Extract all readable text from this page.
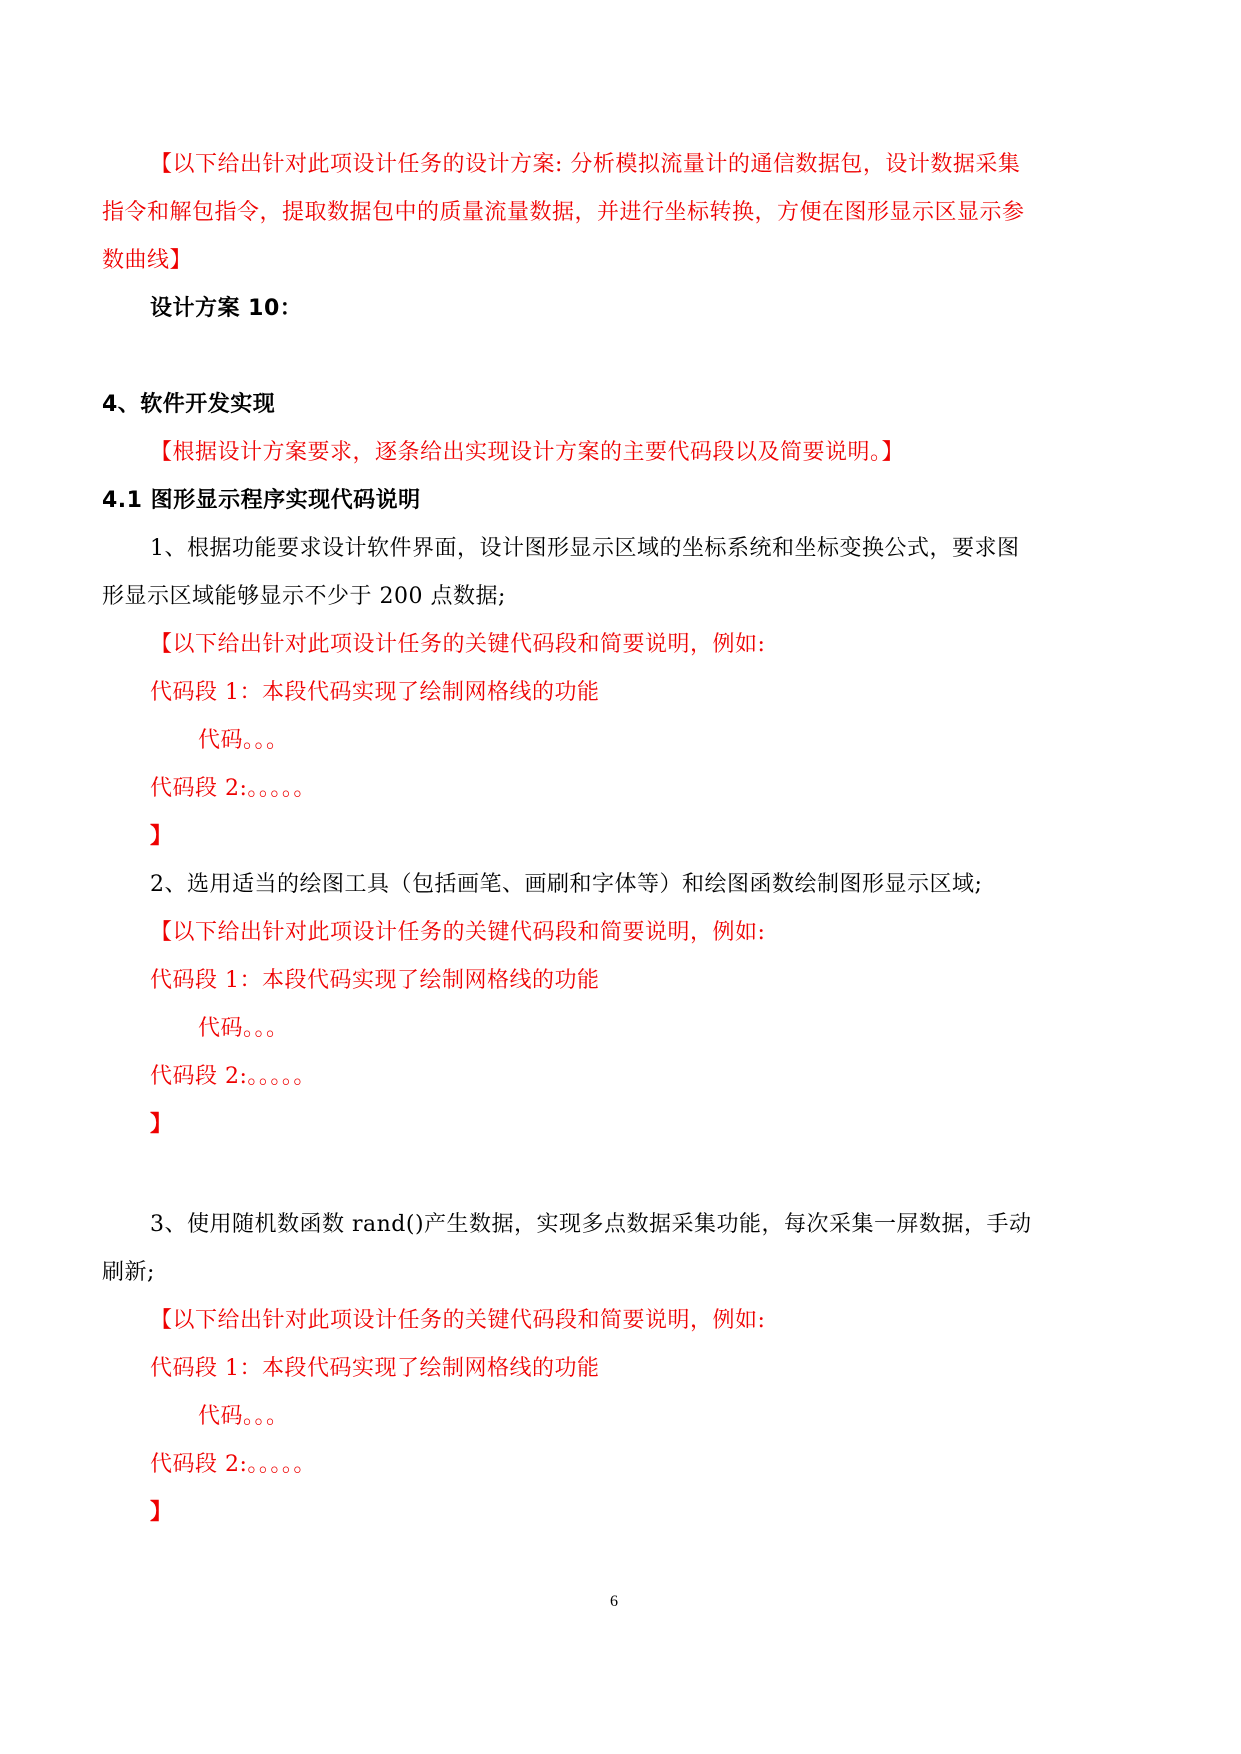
【以下给出针对此项设计任务的设计方案: 分析模拟流量计的通信数据包，设计数据采集
指令和解包指令，提取数据包中的质量流量数据，并进行坐标转换，方便在图形显示区显示参
数曲线】
设计方案 10：
4、软件开发实现
【根据设计方案要求，逐条给出实现设计方案的主要代码段以及简要说明。】
4.1 图形显示程序实现代码说明
1、根据功能要求设计软件界面，设计图形显示区域的坐标系统和坐标变换公式，要求图
形显示区域能够显示不少于 200 点数据;
【以下给出针对此项设计任务的关键代码段和简要说明，例如:
代码段 1：本段代码实现了绘制网格线的功能
代码。。。
代码段 2:。。。。。
】
2、选用适当的绘图工具（包括画笔、画刷和字体等）和绘图函数绘制图形显示区域;
【以下给出针对此项设计任务的关键代码段和简要说明，例如:
代码段 1：本段代码实现了绘制网格线的功能
代码。。。
代码段 2:。。。。。
】
3、使用随机数函数 rand()产生数据，实现多点数据采集功能，每次采集一屏数据，手动
刷新;
【以下给出针对此项设计任务的关键代码段和简要说明，例如:
代码段 1：本段代码实现了绘制网格线的功能
代码。。。
代码段 2:。。。。。
】
6
